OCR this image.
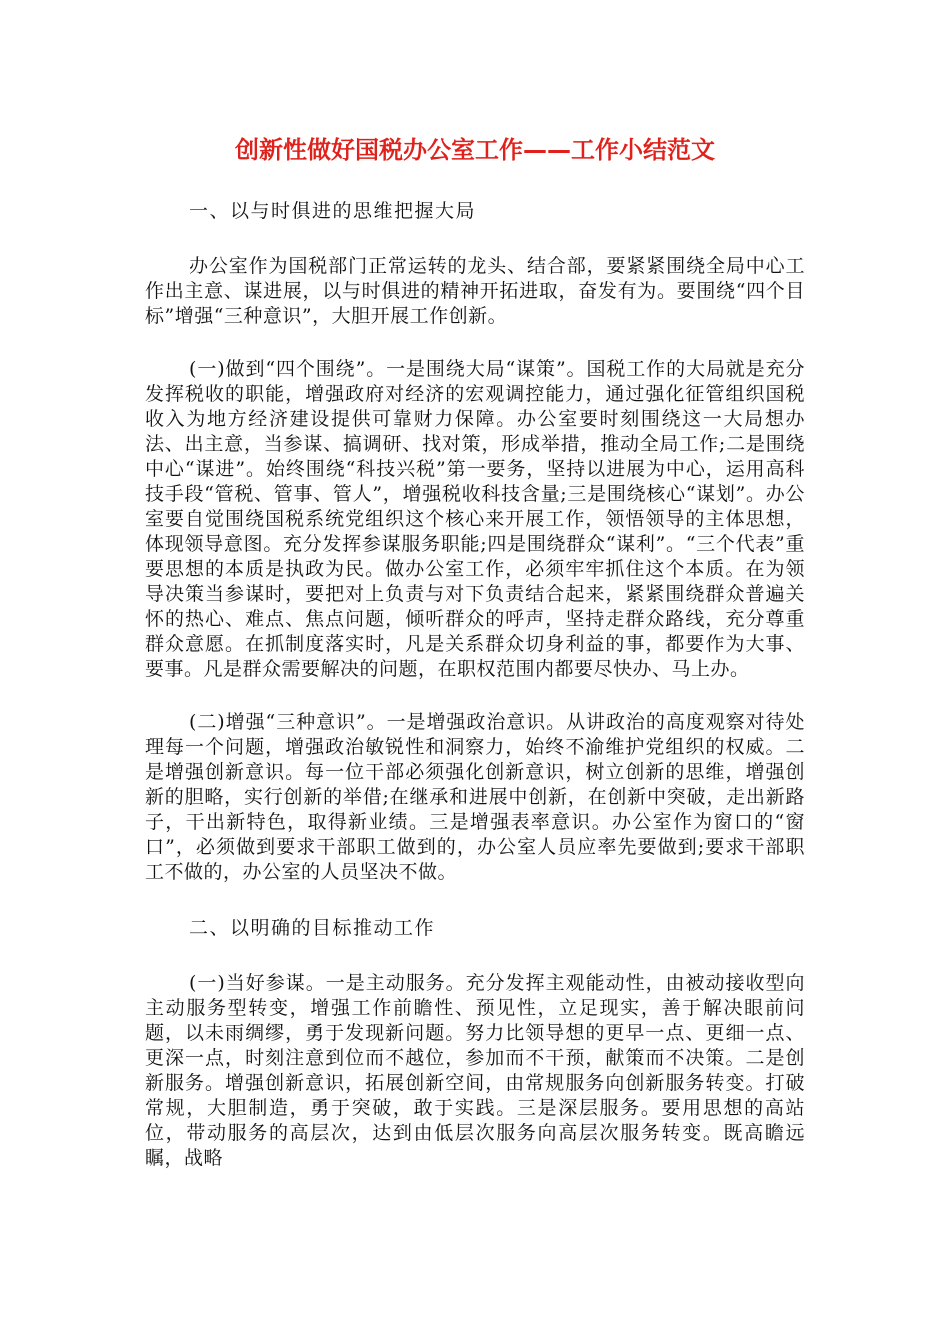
创新性做好国税办公室工作——工作小结范文
一、以与时俱进的思维把握大局

办公室作为国税部门正常运转的龙头、结合部，要紧紧围绕全局中心工作出主意、谋进展，以与时俱进的精神开拓进取，奋发有为。要围绕“四个目标”增强“三种意识”，大胆开展工作创新。

(一)做到“四个围绕”。一是围绕大局“谋策”。国税工作的大局就是充分发挥税收的职能，增强政府对经济的宏观调控能力，通过强化征管组织国税收入为地方经济建设提供可靠财力保障。办公室要时刻围绕这一大局想办法、出主意，当参谋、搞调研、找对策，形成举措，推动全局工作;二是围绕中心“谋进”。始终围绕“科技兴税”第一要务，坚持以进展为中心，运用高科技手段“管税、管事、管人”，增强税收科技含量;三是围绕核心“谋划”。办公室要自觉围绕国税系统党组织这个核心来开展工作，领悟领导的主体思想，体现领导意图。充分发挥参谋服务职能;四是围绕群众“谋利”。“三个代表”重要思想的本质是执政为民。做办公室工作，必须牢牢抓住这个本质。在为领导决策当参谋时，要把对上负责与对下负责结合起来，紧紧围绕群众普遍关怀的热心、难点、焦点问题，倾听群众的呼声，坚持走群众路线，充分尊重群众意愿。在抓制度落实时，凡是关系群众切身利益的事，都要作为大事、要事。凡是群众需要解决的问题，在职权范围内都要尽快办、马上办。

(二)增强“三种意识”。一是增强政治意识。从讲政治的高度观察对待处理每一个问题，增强政治敏锐性和洞察力，始终不渝维护党组织的权威。二是增强创新意识。每一位干部必须强化创新意识，树立创新的思维，增强创新的胆略，实行创新的举借;在继承和进展中创新，在创新中突破，走出新路子，干出新特色，取得新业绩。三是增强表率意识。办公室作为窗口的“窗口”，必须做到要求干部职工做到的，办公室人员应率先要做到;要求干部职工不做的，办公室的人员坚决不做。

二、以明确的目标推动工作

(一)当好参谋。一是主动服务。充分发挥主观能动性，由被动接收型向主动服务型转变，增强工作前瞻性、预见性，立足现实，善于解决眼前问题，以未雨绸缪，勇于发现新问题。努力比领导想的更早一点、更细一点、更深一点，时刻注意到位而不越位，参加而不干预，献策而不决策。二是创新服务。增强创新意识，拓展创新空间，由常规服务向创新服务转变。打破常规，大胆制造，勇于突破，敢于实践。三是深层服务。要用思想的高站位，带动服务的高层次，达到由低层次服务向高层次服务转变。既高瞻远瞩，战略
